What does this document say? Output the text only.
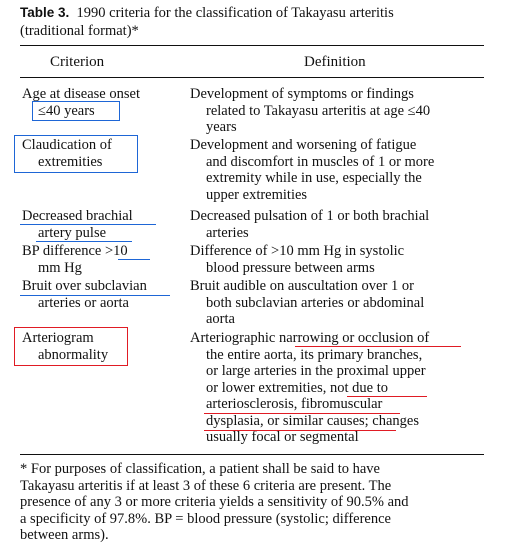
Table 3. 1990 criteria for the classification of Takayasu arteritis
(traditional format)*
Criterion	Definition
Age at disease onset
≤40 years
Development of symptoms or findings
related to Takayasu arteritis at age ≤40
years
Claudication of
extremities
Development and worsening of fatigue
and discomfort in muscles of 1 or more
extremity while in use, especially the
upper extremities
Decreased brachial
artery pulse
Decreased pulsation of 1 or both brachial
arteries
BP difference >10
mm Hg
Difference of >10 mm Hg in systolic
blood pressure between arms
Bruit over subclavian
arteries or aorta
Bruit audible on auscultation over 1 or
both subclavian arteries or abdominal
aorta
Arteriogram
abnormality
Arteriographic narrowing or occlusion of
the entire aorta, its primary branches,
or large arteries in the proximal upper
or lower extremities, not due to
arteriosclerosis, fibromuscular
dysplasia, or similar causes; changes
usually focal or segmental
* For purposes of classification, a patient shall be said to have
Takayasu arteritis if at least 3 of these 6 criteria are present. The
presence of any 3 or more criteria yields a sensitivity of 90.5% and
a specificity of 97.8%. BP = blood pressure (systolic; difference
between arms).
